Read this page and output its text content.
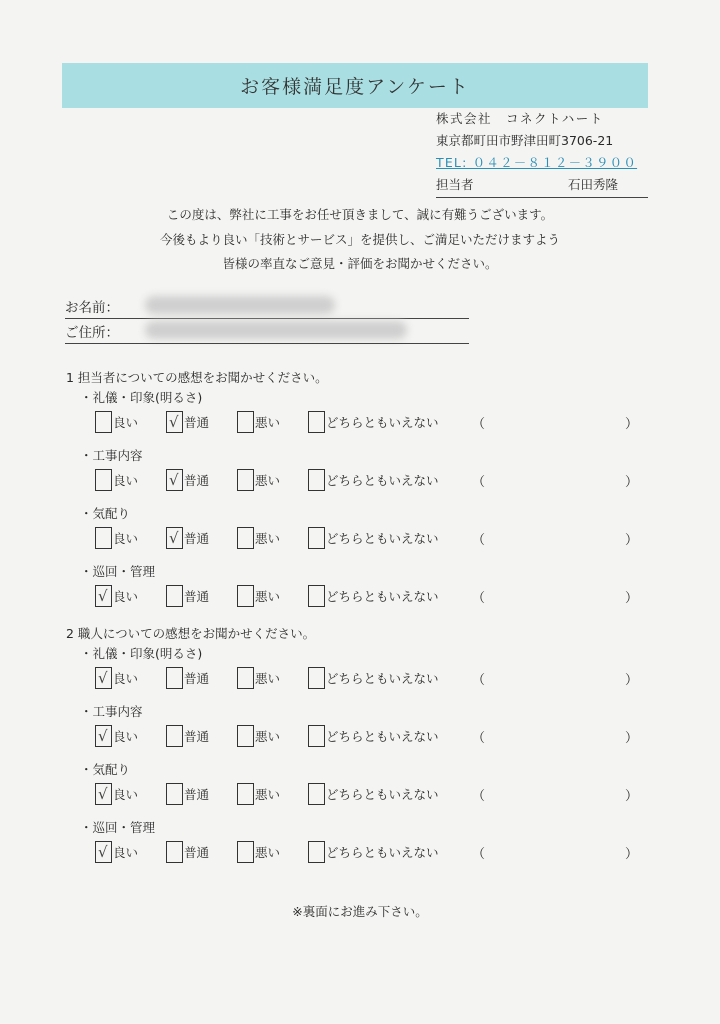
お客様満足度アンケート
株式会社　コネクトハート
東京都町田市野津田町3706-21
TEL: ０４２－８１２－３９００
担当者	石田秀隆
この度は、弊社に工事をお任せ頂きまして、誠に有難うございます。
今後もより良い「技術とサービス」を提供し、ご満足いただけますよう
皆様の率直なご意見・評価をお聞かせください。
お名前：
ご住所：
1 担当者についての感想をお聞かせください。
・礼儀・印象(明るさ)
良い √ 普通	悪い	どちらともいえない	（	）
・工事内容
良い √ 普通	悪い	どちらともいえない	（	）
・気配り
良い √ 普通	悪い	どちらともいえない	（	）
・巡回・管理
√ 良い	普通	悪い	どちらともいえない	（	）
2 職人についての感想をお聞かせください。
・礼儀・印象(明るさ)
√ 良い	普通	悪い	どちらともいえない	（	）
・工事内容
√ 良い	普通	悪い	どちらともいえない	（	）
・気配り
√ 良い	普通	悪い	どちらともいえない	（	）
・巡回・管理
√ 良い	普通	悪い	どちらともいえない	（	）
※裏面にお進み下さい。
